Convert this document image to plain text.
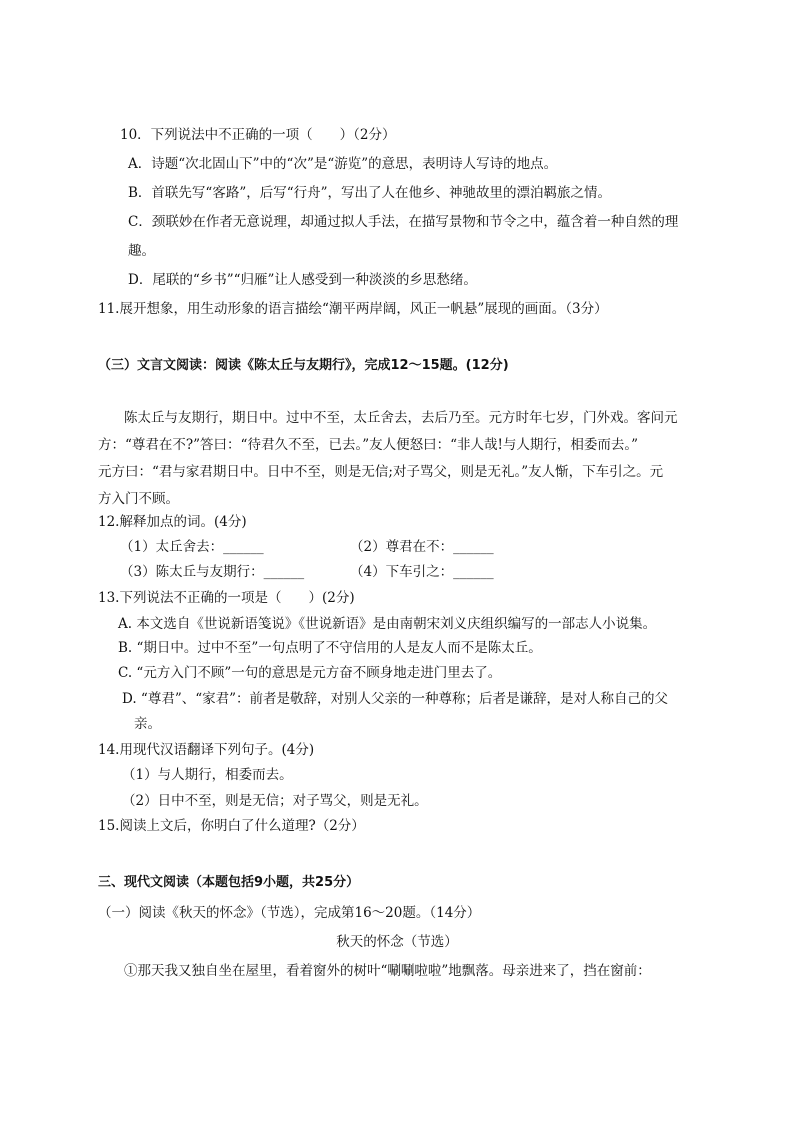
10．下列说法中不正确的一项（　　）（2分）
A．诗题“次北固山下”中的“次”是“游览”的意思，表明诗人写诗的地点。
B．首联先写“客路”，后写“行舟”，写出了人在他乡、神驰故里的漂泊羁旅之情。
C．颈联妙在作者无意说理，却通过拟人手法，在描写景物和节令之中，蕴含着一种自然的理
趣。
D．尾联的“乡书”“归雁”让人感受到一种淡淡的乡思愁绪。
11.展开想象，用生动形象的语言描绘“潮平两岸阔，风正一帆悬”展现的画面。（3分）
（三）文言文阅读：阅读《陈太丘与友期行》，完成12～15题。(12分)
陈太丘与友期行，期日中。过中不至，太丘舍去，去后乃至。元方时年七岁，门外戏。客问元
方：“尊君在不?”答曰：“待君久不至，已去。”友人便怒曰：“非人哉!与人期行，相委而去。”
元方曰：“君与家君期日中。日中不至，则是无信;对子骂父，则是无礼。”友人惭，下车引之。元
方入门不顾。
12.解释加点的词。(4分)
（1）太丘舍去：______	（2）尊君在不：______
（3）陈太丘与友期行：______	（4）下车引之：______
13.下列说法不正确的一项是（　　）(2分)
A. 本文选自《世说新语笺说》《世说新语》是由南朝宋刘义庆组织编写的一部志人小说集。
B. “期日中。过中不至”一句点明了不守信用的人是友人而不是陈太丘。
C. “元方入门不顾”一句的意思是元方奋不顾身地走进门里去了。
D. “尊君”、“家君”：前者是敬辞，对别人父亲的一种尊称；后者是谦辞，是对人称自己的父
亲。
14.用现代汉语翻译下列句子。(4分)
（1）与人期行，相委而去。
（2）日中不至，则是无信；对子骂父，则是无礼。
15.阅读上文后，你明白了什么道理?（2分）
三、现代文阅读（本题包括9小题，共25分）
（一）阅读《秋天的怀念》（节选），完成第16～20题。（14分）
秋天的怀念（节选）
①那天我又独自坐在屋里，看着窗外的树叶“唰唰啦啦”地飘落。母亲进来了，挡在窗前：
